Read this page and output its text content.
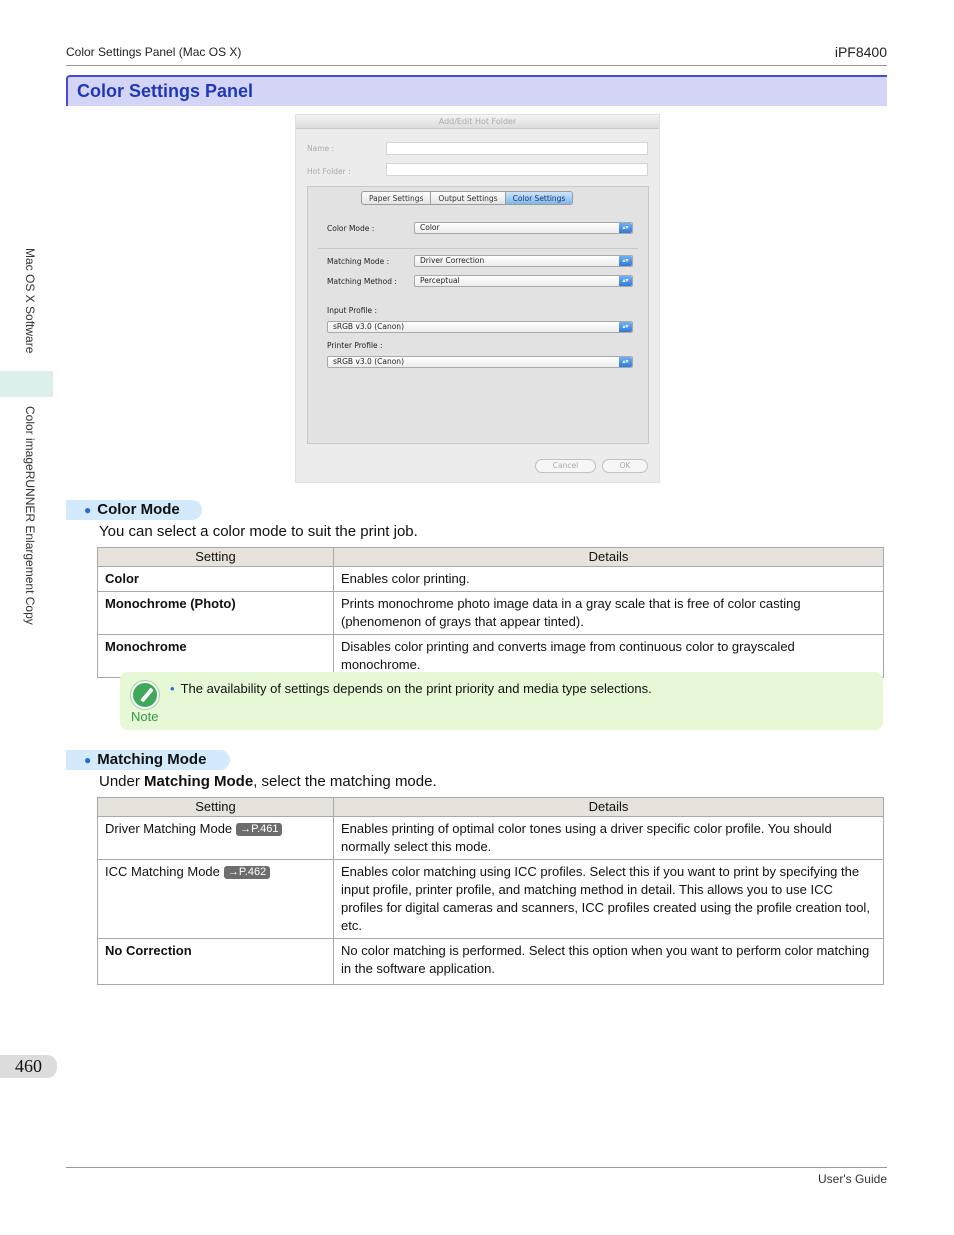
Color Settings Panel (Mac OS X)	iPF8400
Color Settings Panel
Mac OS X Software
Color imageRUNNER Enlargement Copy
Add/Edit Hot Folder
Name :
Hot Folder :
Paper Settings	Output Settings	Color Settings
Color Mode :	Color	▴▾
Matching Mode :	Driver Correction	▴▾
Matching Method :	Perceptual	▴▾
Input Profile :
sRGB v3.0 (Canon)	▴▾
Printer Profile :
sRGB v3.0 (Canon)	▴▾
Cancel	OK
● Color Mode
You can select a color mode to suit the print job.
Setting	Details
Color	Enables color printing.
Monochrome (Photo)	Prints monochrome photo image data in a gray scale that is free of color casting (phenomenon of grays that appear tinted).
Monochrome	Disables color printing and converts image from continuous color to grayscaled monochrome.
Note
• The availability of settings depends on the print priority and media type selections.
● Matching Mode
Under Matching Mode, select the matching mode.
Setting	Details
Driver Matching Mode →P.461	Enables printing of optimal color tones using a driver specific color profile. You should normally select this mode.
ICC Matching Mode →P.462	Enables color matching using ICC profiles. Select this if you want to print by specifying the input profile, printer profile, and matching method in detail. This allows you to use ICC profiles for digital cameras and scanners, ICC profiles created using the profile creation tool, etc.
No Correction	No color matching is performed. Select this option when you want to perform color matching in the software application.
460
User's Guide
